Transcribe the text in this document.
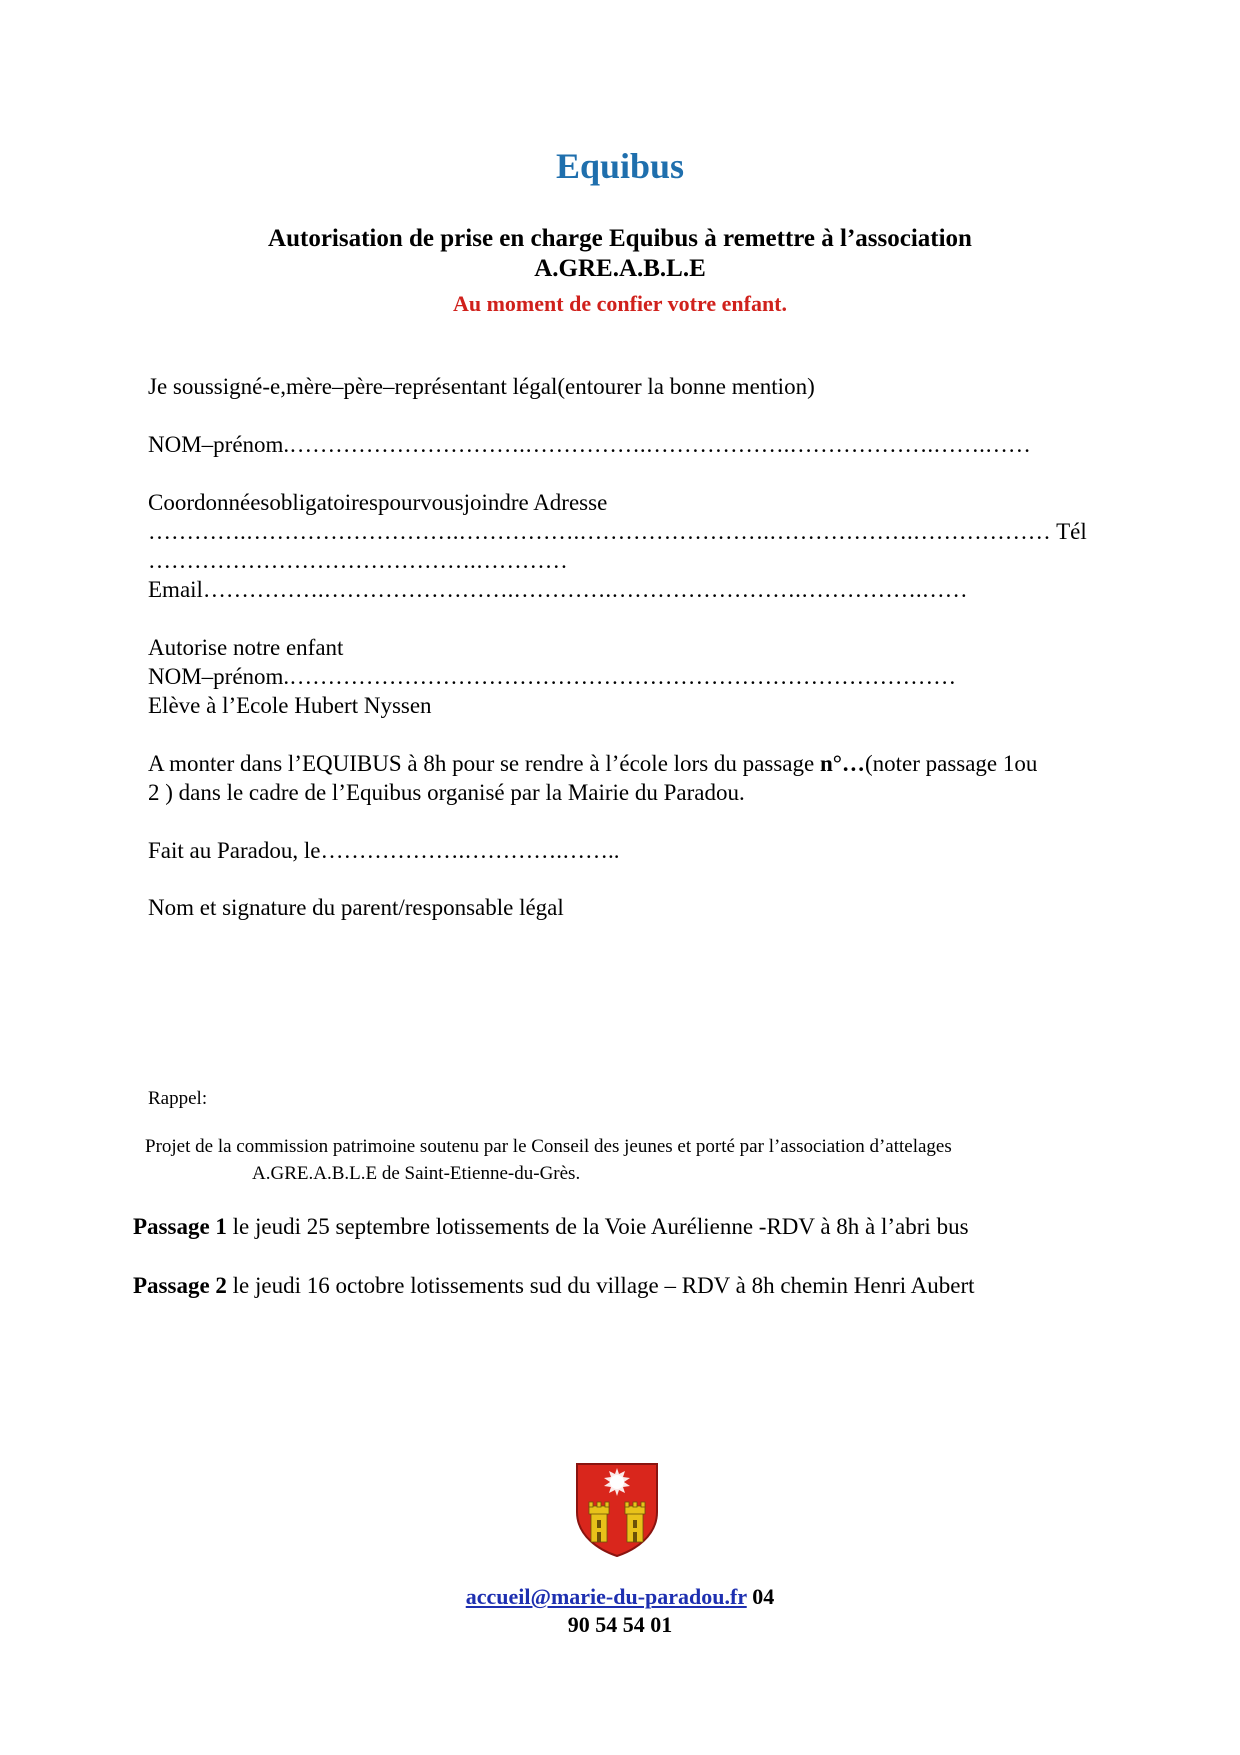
Equibus
Autorisation de prise en charge Equibus à remettre à l’association
A.GRE.A.B.L.E
Au moment de confier votre enfant.
Je soussigné-e,mère–père–représentant légal(entourer la bonne mention)
NOM–prénom.………………………….…………….……………….……………….…….……
Coordonnéesobligatoirespourvousjoindre Adresse
………….……………………….…………….…………………….……………….……………… Tél
…………………………………….…………
Email…………….…………………….………….…………………….…………….……
Autorise notre enfant
NOM–prénom.……………………………………………………………………………
Elève à l’Ecole Hubert Nyssen
A monter dans l’EQUIBUS à 8h pour se rendre à l’école lors du passage n°…(noter passage 1ou
2 ) dans le cadre de l’Equibus organisé par la Mairie du Paradou.
Fait au Paradou, le……………….………….……..
Nom et signature du parent/responsable légal
Rappel:
Projet de la commission patrimoine soutenu par le Conseil des jeunes et porté par l’association d’attelages
A.GRE.A.B.L.E de Saint-Etienne-du-Grès.
Passage 1 le jeudi 25 septembre lotissements de la Voie Aurélienne -RDV à 8h à l’abri bus
Passage 2 le jeudi 16 octobre lotissements sud du village – RDV à 8h chemin Henri Aubert
accueil@marie-du-paradou.fr 04
90 54 54 01
